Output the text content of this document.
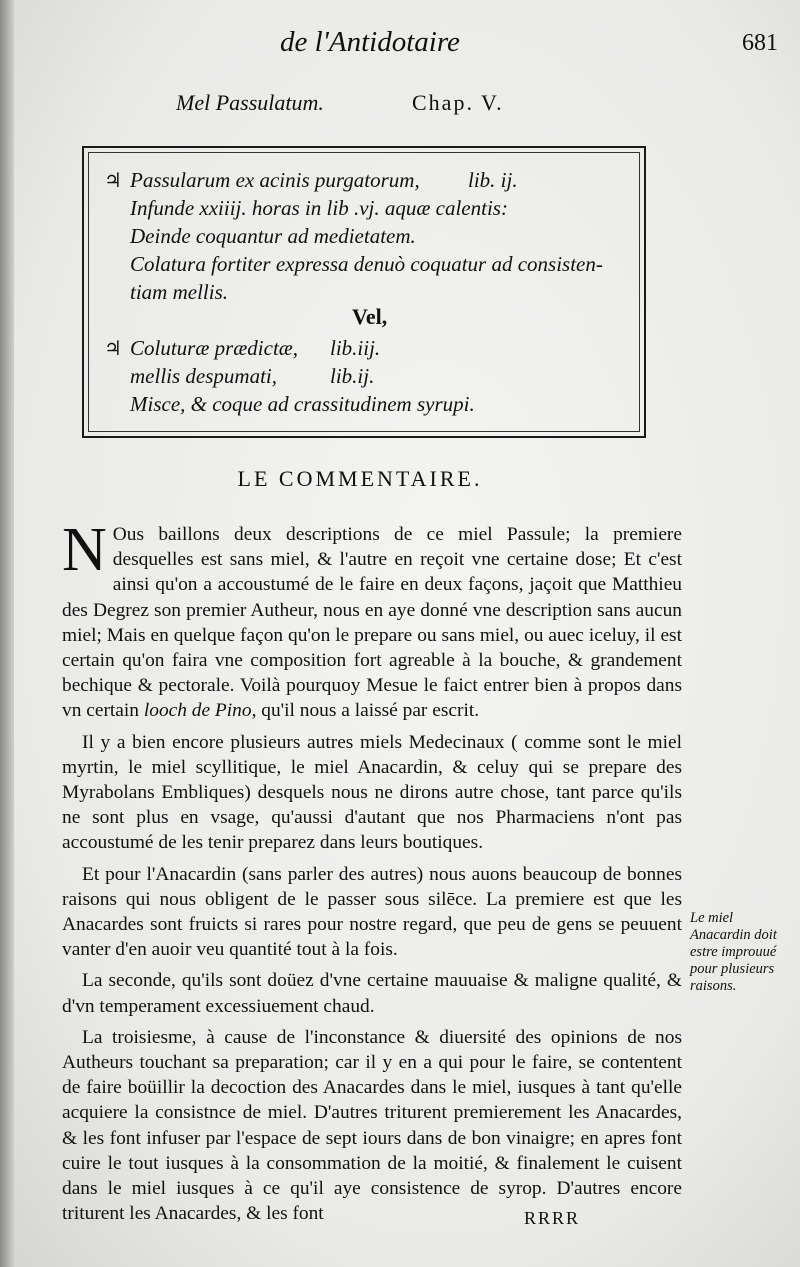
de l'Antidotaire	681
Mel Passulatum.	Chap. V.
♃ Passularum ex acinis purgatorum, lib. ij.
Infunde xxiiij. horas in lib .vj. aquæ calentis:
Deinde coquantur ad medietatem.
Colatura fortiter expressa denuò coquatur ad consisten-
tiam mellis.
Vel,
♃ Coluturæ prædictæ, lib.iij.
mellis despumati,	lib.ij.
Misce, & coque ad crassitudinem syrupi.
LE COMMENTAIRE.

N Ous baillons deux descriptions de ce miel Passule; la premiere desquelles est sans miel, & l'autre en reçoit vne certaine dose; Et c'est ainsi qu'on a accoustumé de le faire en deux façons, jaçoit que Matthieu des Degrez son premier Autheur, nous en aye donné vne description sans aucun miel; Mais en quelque façon qu'on le prepare ou sans miel, ou auec iceluy, il est certain qu'on faira vne composition fort agreable à la bouche, & grandement bechique & pectorale. Voilà pourquoy Mesue le faict entrer bien à propos dans vn certain looch de Pino, qu'il nous a laissé par escrit.

Il y a bien encore plusieurs autres miels Medecinaux ( comme sont le miel myrtin, le miel scyllitique, le miel Anacardin, & celuy qui se prepare des Myrabolans Embliques) desquels nous ne dirons autre chose, tant parce qu'ils ne sont plus en vsage, qu'aussi d'autant que nos Pharmaciens n'ont pas accoustumé de les tenir preparez dans leurs boutiques.

Et pour l'Anacardin (sans parler des autres) nous auons beaucoup de bonnes raisons qui nous obligent de le passer sous silēce. La premiere est que les Anacardes sont fruicts si rares pour nostre regard, que peu de gens se peuuent vanter d'en auoir veu quantité tout à la fois.

La seconde, qu'ils sont doüez d'vne certaine mauuaise & maligne qualité, & d'vn temperament excessiuement chaud.

La troisiesme, à cause de l'inconstance & diuersité des opinions de nos Autheurs touchant sa preparation; car il y en a qui pour le faire, se contentent de faire boüillir la decoction des Anacardes dans le miel, iusques à tant qu'elle acquiere la consistnce de miel. D'autres triturent premierement les Anacardes, & les font infuser par l'espace de sept iours dans de bon vinaigre; en apres font cuire le tout iusques à la consommation de la moitié, & finalement le cuisent dans le miel iusques à ce qu'il aye consistence de syrop. D'autres encore triturent les Anacardes, & les font

Le miel Anacardin doit estre improuué pour plusieurs raisons.
RRRR
